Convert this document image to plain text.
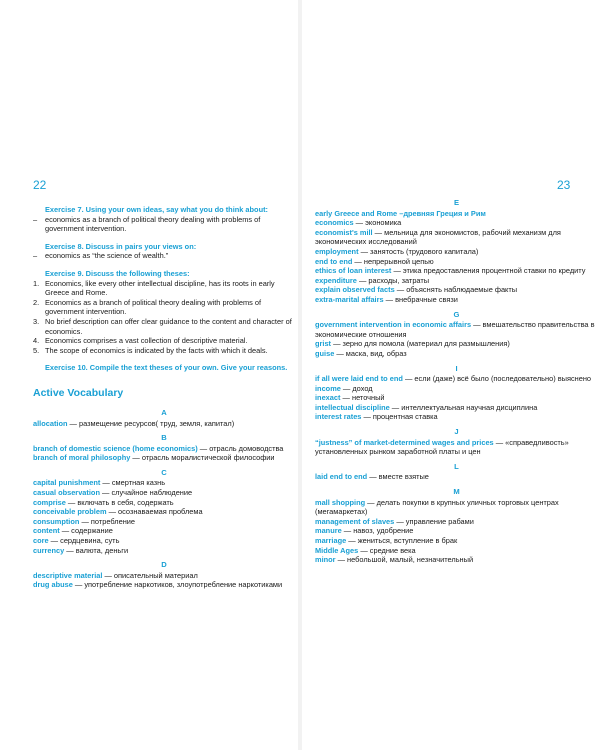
22
Exercise 7. Using your own ideas, say what you do think about:
– economics as a branch of political theory dealing with problems of government intervention.
Exercise 8. Discuss in pairs your views on:
– economics as “the science of wealth.”
Exercise 9. Discuss the following theses:
1. Economics, like every other intellectual discipline, has its roots in early Greece and Rome.
2. Economics as a branch of political theory dealing with problems of government intervention.
3. No brief description can offer clear guidance to the content and character of economics.
4. Economics comprises a vast collection of descriptive material.
5. The scope of economics is indicated by the facts with which it deals.
Exercise 10. Compile the text theses of your own. Give your reasons.
Active Vocabulary
A
allocation — размещение ресурсов( труд, земля, капитал)
B
branch of domestic science (home economics) — отрасль домоводства
branch of moral philosophy — отрасль моралистической философии
C
capital punishment — смертная казнь
casual observation — случайное наблюдение
comprise — включать в себя, содержать
conceivable problem — осознаваемая проблема
consumption — потребление
content — содержание
core — сердцевина, суть
currency — валюта, деньги
D
descriptive material — описательный материал
drug abuse — употребление наркотиков, злоупотребление наркотиками
23
E
early Greece and Rome –древняя Греция и Рим
economics — экономика
economist's mill — мельница для экономистов, рабочий механизм для экономических исследований
employment — занятость (трудового капитала)
end to end — непрерывной цепью
ethics of loan interest — этика предоставления процентной ставки по кредиту
expenditure — расходы, затраты
explain observed facts — объяснять наблюдаемые факты
extra-marital affairs — внебрачные связи
G
government intervention in economic affairs — вмешательство правительства в экономические отношения
grist — зерно для помола (материал для размышления)
guise — маска, вид, образ
I
if all were laid end to end — если (даже) всё было (последовательно) выяснено
income — доход
inexact — неточный
intellectual discipline — интеллектуальная научная дисциплина
interest rates — процентная ставка
J
“justness” of market-determined wages and prices — «справедливость» установленных рынком заработной платы и цен
L
laid end to end — вместе взятые
M
mall shopping — делать покупки в крупных уличных торговых центрах (мегамаркетах)
management of slaves — управление рабами
manure — навоз, удобрение
marriage — жениться, вступление в брак
Middle Ages — средние века
minor — небольшой, малый, незначительный
